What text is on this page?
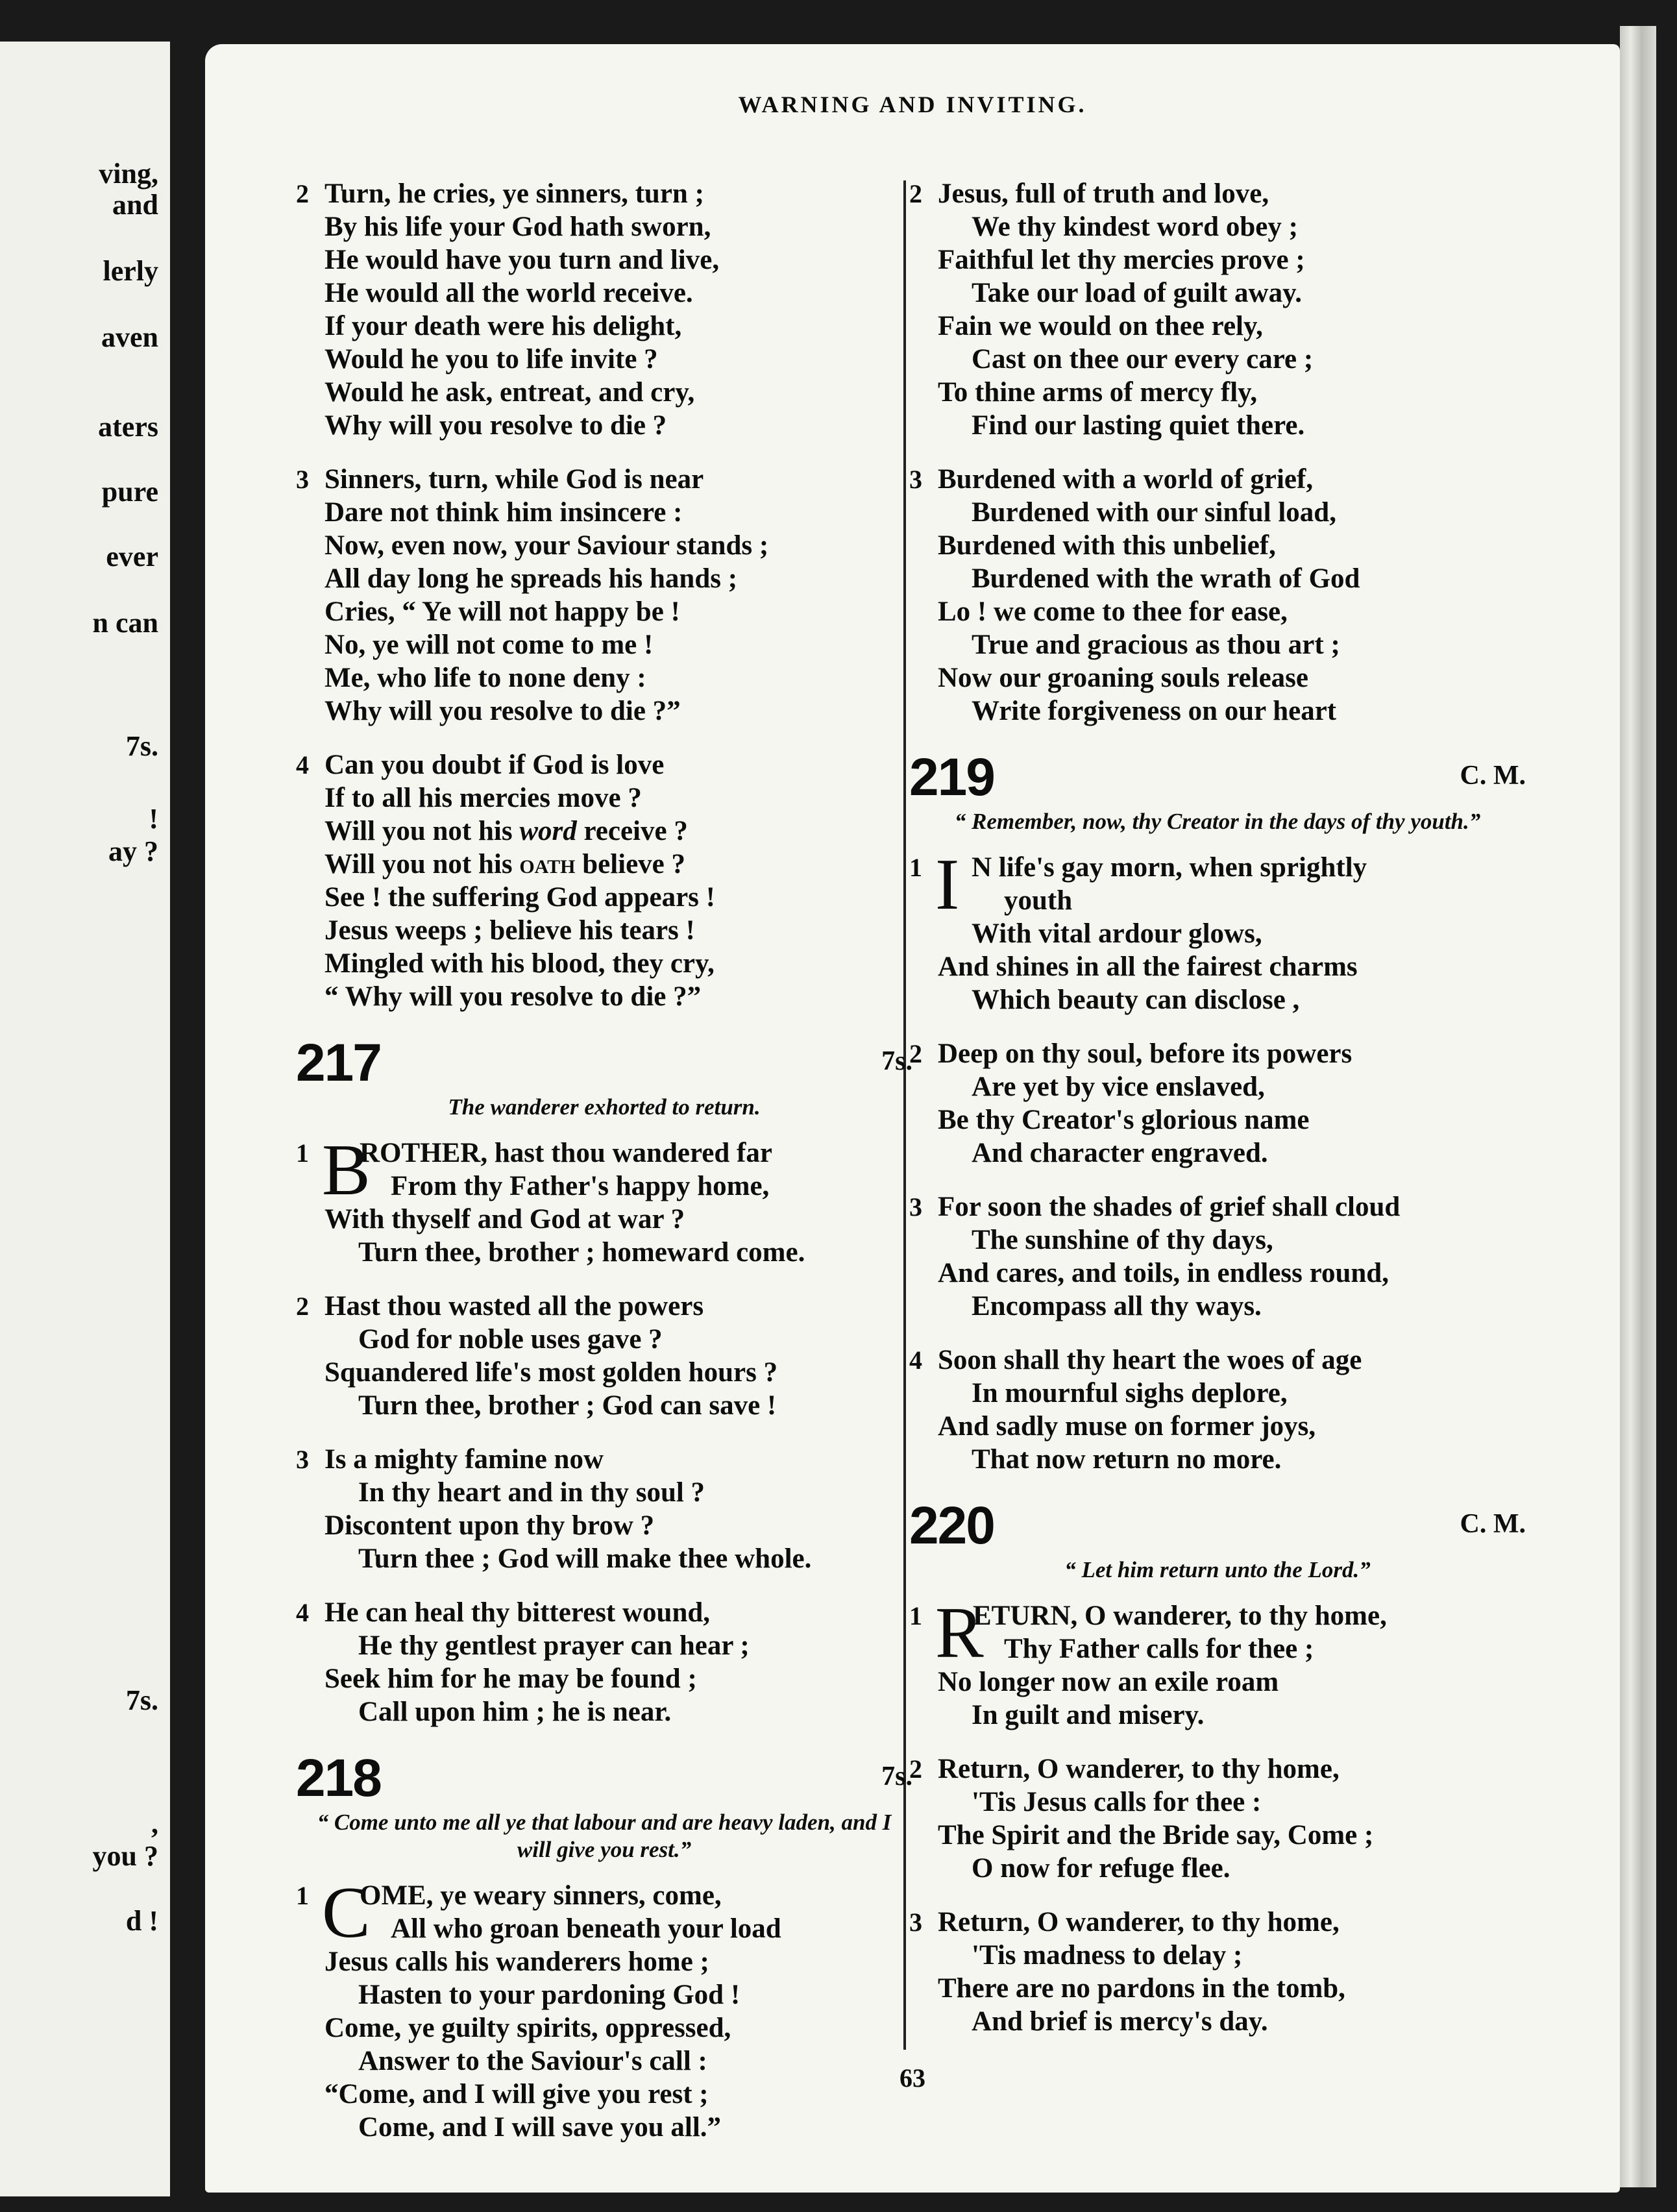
ving,
and
lerly
aven
aters
pure
ever
n can
7s.
!
ay ?
7s.
,
you ?
d !
WARNING AND INVITING.
2 Turn, he cries, ye sinners, turn ;
By his life your God hath sworn,
He would have you turn and live,
He would all the world receive.
If your death were his delight,
Would he you to life invite ?
Would he ask, entreat, and cry,
Why will you resolve to die ?
3 Sinners, turn, while God is near
Dare not think him insincere :
Now, even now, your Saviour stands ;
All day long he spreads his hands ;
Cries, “ Ye will not happy be !
No, ye will not come to me !
Me, who life to none deny :
Why will you resolve to die ?”
4 Can you doubt if God is love
If to all his mercies move ?
Will you not his word receive ?
Will you not his oath believe ?
See ! the suffering God appears !
Jesus weeps ; believe his tears !
Mingled with his blood, they cry,
“ Why will you resolve to die ?”
217	7s.
The wanderer exhorted to return.
1 B
ROTHER, hast thou wandered far
From thy Father's happy home,
With thyself and God at war ?
Turn thee, brother ; homeward come.
2 Hast thou wasted all the powers
God for noble uses gave ?
Squandered life's most golden hours ?
Turn thee, brother ; God can save !
3 Is a mighty famine now
In thy heart and in thy soul ?
Discontent upon thy brow ?
Turn thee ; God will make thee whole.
4 He can heal thy bitterest wound,
He thy gentlest prayer can hear ;
Seek him for he may be found ;
Call upon him ; he is near.
218	7s.
“ Come unto me all ye that labour and are heavy laden, and I will give you rest.”
1 C
OME, ye weary sinners, come,
All who groan beneath your load
Jesus calls his wanderers home ;
Hasten to your pardoning God !
Come, ye guilty spirits, oppressed,
Answer to the Saviour's call :
“Come, and I will give you rest ;
Come, and I will save you all.”
2 Jesus, full of truth and love,
We thy kindest word obey ;
Faithful let thy mercies prove ;
Take our load of guilt away.
Fain we would on thee rely,
Cast on thee our every care ;
To thine arms of mercy fly,
Find our lasting quiet there.
3 Burdened with a world of grief,
Burdened with our sinful load,
Burdened with this unbelief,
Burdened with the wrath of God
Lo ! we come to thee for ease,
True and gracious as thou art ;
Now our groaning souls release
Write forgiveness on our heart
219	C. M.
“ Remember, now, thy Creator in the days of thy youth.”
1 I N life's gay morn, when sprightly
youth
With vital ardour glows,
And shines in all the fairest charms
Which beauty can disclose ,
2 Deep on thy soul, before its powers
Are yet by vice enslaved,
Be thy Creator's glorious name
And character engraved.
3 For soon the shades of grief shall cloud
The sunshine of thy days,
And cares, and toils, in endless round,
Encompass all thy ways.
4 Soon shall thy heart the woes of age
In mournful sighs deplore,
And sadly muse on former joys,
That now return no more.
220	C. M.
“ Let him return unto the Lord.”
1 R
ETURN, O wanderer, to thy home,
Thy Father calls for thee ;
No longer now an exile roam
In guilt and misery.
2 Return, O wanderer, to thy home,
'Tis Jesus calls for thee :
The Spirit and the Bride say, Come ;
O now for refuge flee.
3 Return, O wanderer, to thy home,
'Tis madness to delay ;
There are no pardons in the tomb,
And brief is mercy's day.
63
